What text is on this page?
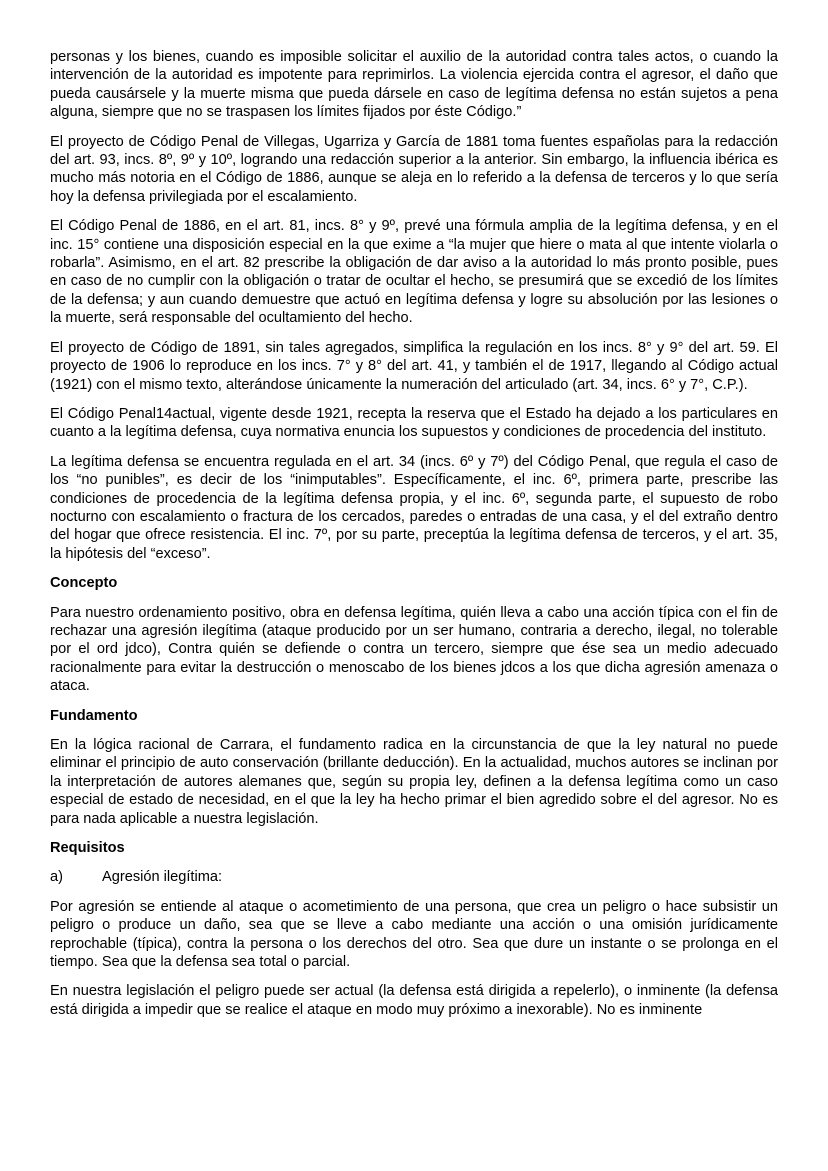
personas y los bienes, cuando es imposible solicitar el auxilio de la autoridad contra tales actos, o cuando la intervención de la autoridad es impotente para reprimirlos. La violencia ejercida contra el agresor, el daño que pueda causársele y la muerte misma que pueda dársele en caso de legítima defensa no están sujetos a pena alguna, siempre que no se traspasen los límites fijados por éste Código.”

El proyecto de Código Penal de Villegas, Ugarriza y García de 1881 toma fuentes españolas para la redacción del art. 93, incs. 8º, 9º y 10º, logrando una redacción superior a la anterior. Sin embargo, la influencia ibérica es mucho más notoria en el Código de 1886, aunque se aleja en lo referido a la defensa de terceros y lo que sería hoy la defensa privilegiada por el escalamiento.

El Código Penal de 1886, en el art. 81, incs. 8° y 9º, prevé una fórmula amplia de la legítima defensa, y en el inc. 15° contiene una disposición especial en la que exime a “la mujer que hiere o mata al que intente violarla o robarla”. Asimismo, en el art. 82 prescribe la obligación de dar aviso a la autoridad lo más pronto posible, pues en caso de no cumplir con la obligación o tratar de ocultar el hecho, se presumirá que se excedió de los límites de la defensa; y aun cuando demuestre que actuó en legítima defensa y logre su absolución por las lesiones o la muerte, será responsable del ocultamiento del hecho.

El proyecto de Código de 1891, sin tales agregados, simplifica la regulación en los incs. 8° y 9° del art. 59. El proyecto de 1906 lo reproduce en los incs. 7° y 8° del art. 41, y también el de 1917, llegando al Código actual (1921) con el mismo texto, alterándose únicamente la numeración del articulado (art. 34, incs. 6° y 7°, C.P.).

El Código Penal14actual, vigente desde 1921, recepta la reserva que el Estado ha dejado a los particulares en cuanto a la legítima defensa, cuya normativa enuncia los supuestos y condiciones de procedencia del instituto.

La legítima defensa se encuentra regulada en el art. 34 (incs. 6º y 7º) del Código Penal, que regula el caso de los “no punibles”, es decir de los “inimputables”. Específicamente, el inc. 6º, primera parte, prescribe las condiciones de procedencia de la legítima defensa propia, y el inc. 6º, segunda parte, el supuesto de robo nocturno con escalamiento o fractura de los cercados, paredes o entradas de una casa, y el del extraño dentro del hogar que ofrece resistencia. El inc. 7º, por su parte, preceptúa la legítima defensa de terceros, y el art. 35, la hipótesis del “exceso”.

Concepto

Para nuestro ordenamiento positivo, obra en defensa legítima, quién lleva a cabo una acción típica con el fin de rechazar una agresión ilegítima (ataque producido por un ser humano, contraria a derecho, ilegal, no tolerable por el ord jdco), Contra quién se defiende o contra un tercero, siempre que ése sea un medio adecuado racionalmente para evitar la destrucción o menoscabo de los bienes jdcos a los que dicha agresión amenaza o ataca.

Fundamento

En la lógica racional de Carrara, el fundamento radica en la circunstancia de que la ley natural no puede eliminar el principio de auto conservación (brillante deducción). En la actualidad, muchos autores se inclinan por la interpretación de autores alemanes que, según su propia ley, definen a la defensa legítima como un caso especial de estado de necesidad, en el que la ley ha hecho primar el bien agredido sobre el del agresor. No es para nada aplicable a nuestra legislación.

Requisitos

a)	Agresión ilegítima:

Por agresión se entiende al ataque o acometimiento de una persona, que crea un peligro o hace subsistir un peligro o produce un daño, sea que se lleve a cabo mediante una acción o una omisión jurídicamente reprochable (típica), contra la persona o los derechos del otro. Sea que dure un instante o se prolonga en el tiempo. Sea que la defensa sea total o parcial.

En nuestra legislación el peligro puede ser actual (la defensa está dirigida a repelerlo), o inminente (la defensa está dirigida a impedir que se realice el ataque en modo muy próximo a inexorable). No es inminente
